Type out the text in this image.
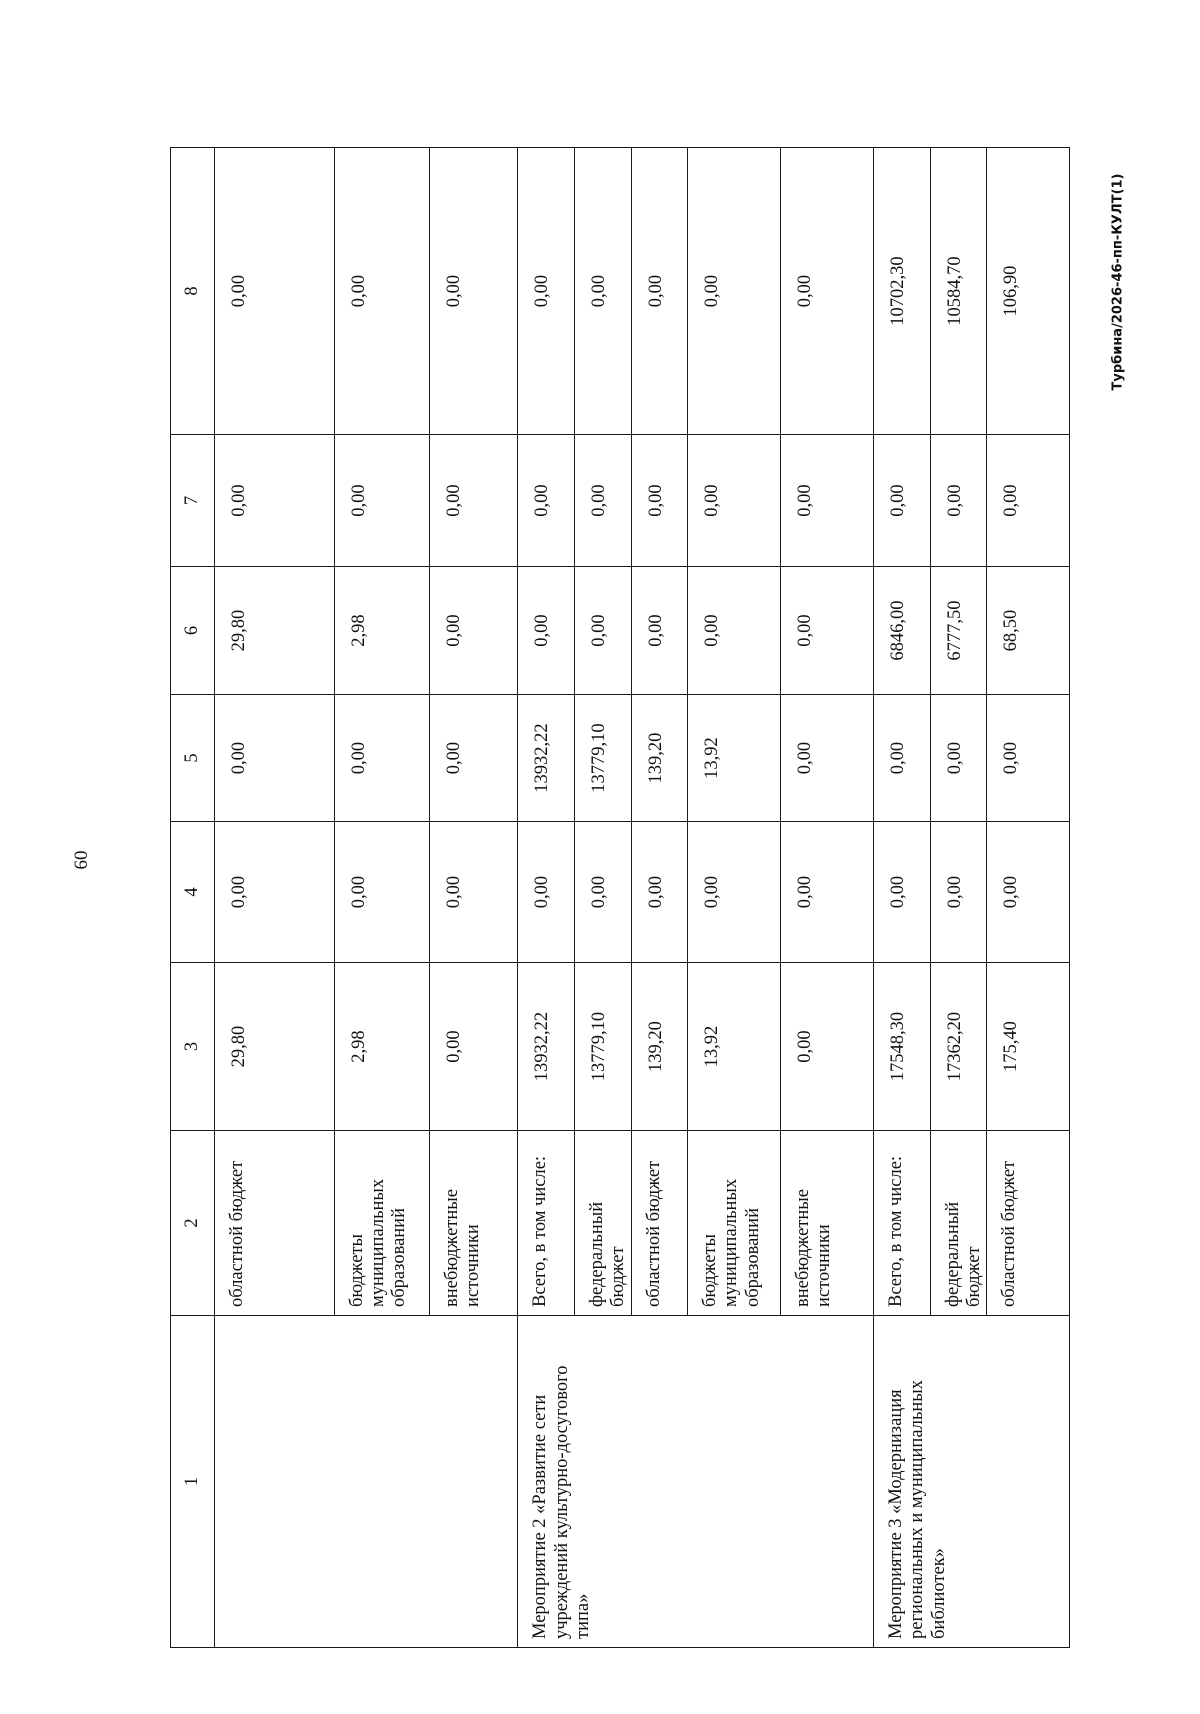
60
Турбина/2026-46-пп-КУЛТ(1)
1	2	3	4	5	6	7	8

	областной бюджет	29,80	0,00	0,00	29,80	0,00	0,00

	бюджеты муниципальных образований	2,98	0,00	0,00	2,98	0,00	0,00

	внебюджетные источники	0,00	0,00	0,00	0,00	0,00	0,00

Мероприятие 2 «Развитие сети учреждений культурно-досугового типа»	Всего, в том числе:	13932,22	0,00	13932,22	0,00	0,00	0,00

	федеральный бюджет	13779,10	0,00	13779,10	0,00	0,00	0,00

	областной бюджет	139,20	0,00	139,20	0,00	0,00	0,00

	бюджеты муниципальных образований	13,92	0,00	13,92	0,00	0,00	0,00

	внебюджетные источники	0,00	0,00	0,00	0,00	0,00	0,00

Мероприятие 3 «Модернизация региональных и муниципальных библиотек»	Всего, в том числе:	17548,30	0,00	0,00	6846,00	0,00	10702,30

	федеральный бюджет	17362,20	0,00	0,00	6777,50	0,00	10584,70

	областной бюджет	175,40	0,00	0,00	68,50	0,00	106,90
